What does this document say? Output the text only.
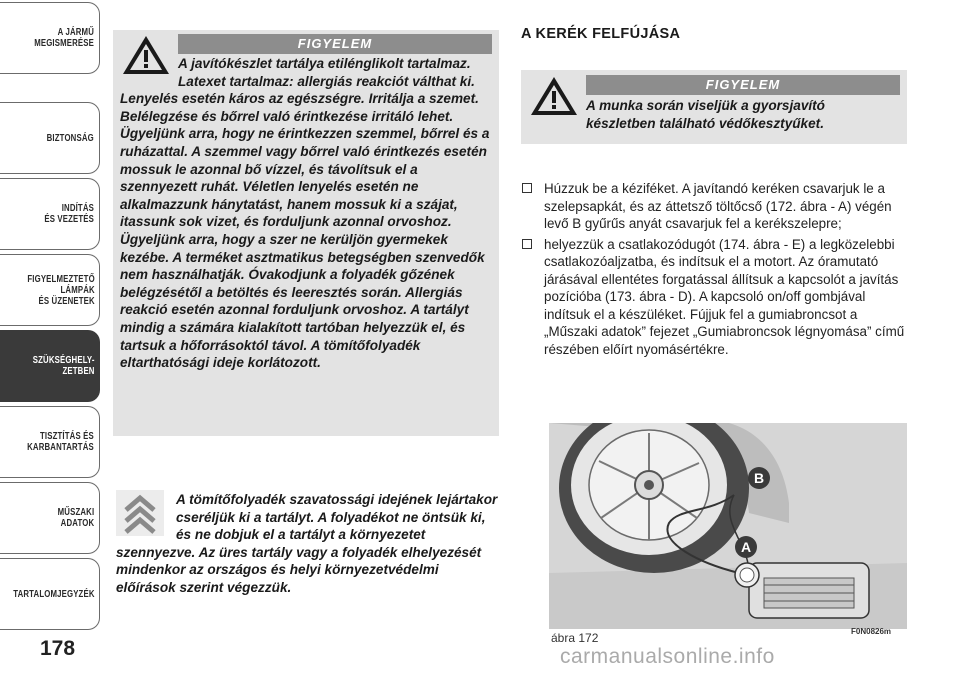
A JÁRMŰ
MEGISMERÉSE
BIZTONSÁG
INDÍTÁS
ÉS VEZETÉS
FIGYELMEZTETŐ
LÁMPÁK
ÉS ÜZENETEK
SZÜKSÉGHELY-
ZETBEN
TISZTÍTÁS ÉS
KARBANTARTÁS
MŰSZAKI
ADATOK
TARTALOMJEGYZÉK
178
FIGYELEM
A javítókészlet tartálya etilénglikolt tartalmaz. Latexet tartalmaz: allergiás reakciót válthat ki. Lenyelés esetén káros az egészségre. Irritálja a szemet. Belélegzése és bőrrel való érintkezése irritáló lehet. Ügyeljünk arra, hogy ne érintkezzen szemmel, bőrrel és a ruházattal. A szemmel vagy bőrrel való érintkezés esetén mossuk le azonnal bő vízzel, és távolítsuk el a szennyezett ruhát. Véletlen lenyelés esetén ne alkalmazzunk hánytatást, hanem mossuk ki a szájat, itassunk sok vizet, és forduljunk azonnal orvoshoz. Ügyeljünk arra, hogy a szer ne kerüljön gyermekek kezébe. A terméket asztmatikus betegségben szenvedők nem használhatják. Óvakodjunk a folyadék gőzének belégzésétől a betöltés és leeresztés során. Allergiás reakció esetén azonnal forduljunk orvoshoz. A tartályt mindig a számára kialakított tartóban helyezzük el, és tartsuk a hőforrásoktól távol. A tömítőfolyadék eltarthatósági ideje korlátozott.
A tömítőfolyadék szavatossági idejének lejártakor cseréljük ki a tartályt. A folyadékot ne öntsük ki, és ne dobjuk el a tartályt a környezetet szennyezve. Az üres tartály vagy a folyadék elhelyezését mindenkor az országos és helyi környezetvédelmi előírások szerint végezzük.
A KERÉK FELFÚJÁSA
FIGYELEM
A munka során viseljük a gyorsjavító készletben található védőkesztyűket.
Húzzuk be a kéziféket. A javítandó keréken csavarjuk le a szelepsapkát, és az áttetsző töltőcső (172. ábra - A) végén levő B gyűrűs anyát csavarjuk fel a kerékszelepre;
helyezzük a csatlakozódugót (174. ábra - E) a legközelebbi csatlakozóaljzatba, és indítsuk el a motort. Az óramutató járásával ellentétes forgatással állítsuk a kapcsolót a javítás pozícióba (173. ábra - D). A kapcsoló on/off gombjával indítsuk el a készüléket. Fújjuk fel a gumiabroncsot a „Műszaki adatok” fejezet „Gumiabroncsok légnyomása” című részében előírt nyomásértékre.
B
A
ábra 172	F0N0826m
carmanualsonline.info
